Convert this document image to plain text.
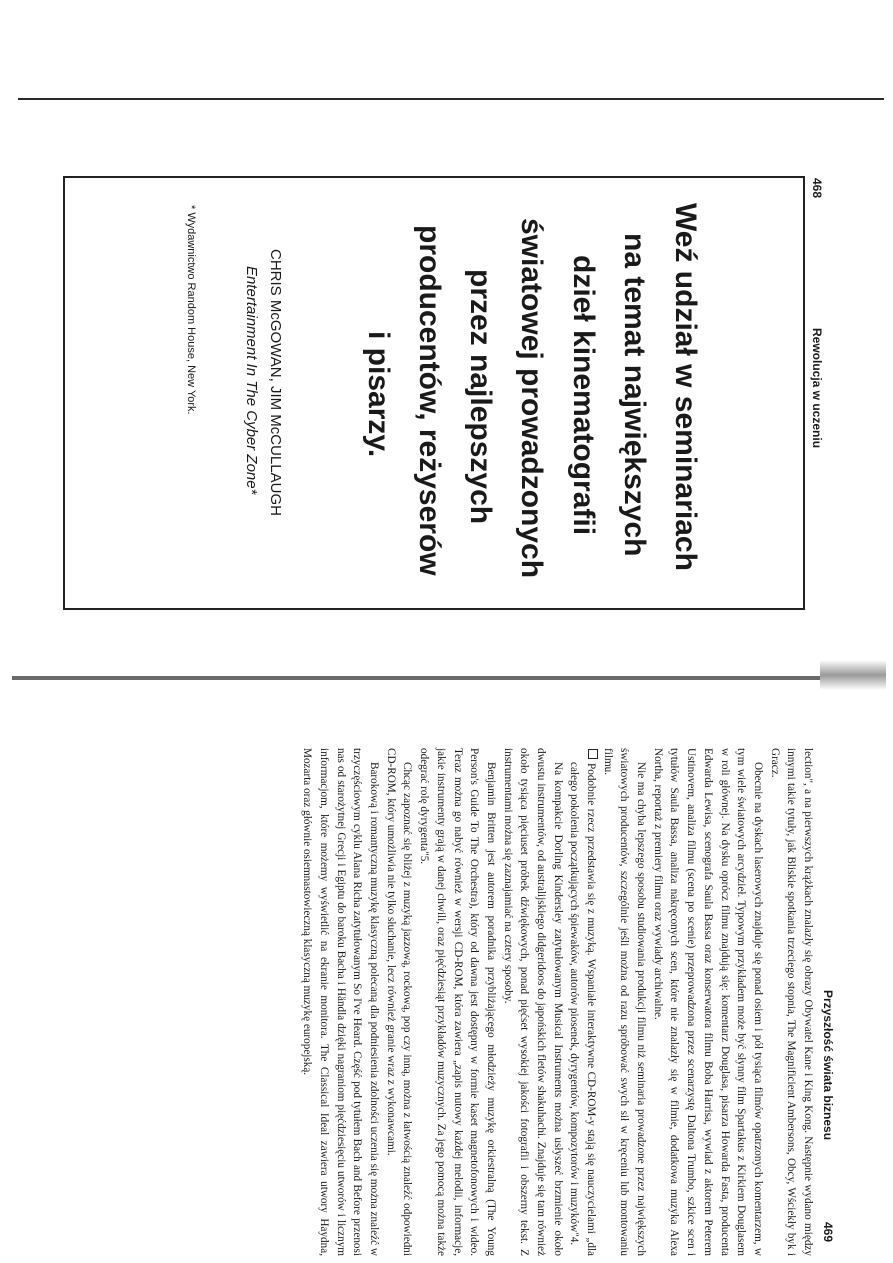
468
Rewolucja w uczeniu
Weź udział w seminariach
na temat największych
dzieł kinematografii
światowej prowadzonych
przez najlepszych
producentów, reżyserów
i pisarzy.
CHRIS McGOWAN, JIM McCULLAUGH
Entertainment In The Cyber Zone*
* Wydawnictwo Random House, New York.
Przyszłość świata biznesu
469

lection", a na pierwszych krążkach znalazły się obrazy Obywatel Kane i King Kong. Następnie wydano między innymi takie tytuły, jak Bliskie spotkania trzeciego stopnia, The Magnificient Ambersons, Obcy, Wściekły byk i Gracz.

Obecnie na dyskach laserowych znajduje się ponad osiem i pół tysiąca filmów opatrzonych komentarzem, w tym wiele światowych arcydzieł. Typowym przykładem może być słynny film Spartakus z Kirkiem Douglasem w roli głównej. Na dysku oprócz filmu znajdują się: komentarz Douglasa, pisarza Howarda Fasta, producenta Edwarda Lewisa, scenografa Saula Bassa oraz konserwatora filmu Boba Harrisa, wywiad z aktorem Peterem Ustinovem, analiza filmu (scena po scenie) przeprowadzona przez scenarzystę Daltona Trumbo, szkice scen i tytułów Saula Bassa, analiza nakręconych scen, które nie znalazły się w filmie, dodatkowa muzyka Alexa Northa, reportaż z premiery filmu oraz wywiady archiwalne.

Nie ma chyba lepszego sposobu studiowania produkcji filmu niż seminaria prowadzone przez największych światowych producentów, szczególnie jeśli można od razu spróbować swych sił w kręceniu lub montowaniu filmu.

Podobnie rzecz przedstawia się z muzyką. Wspaniałe interaktywne CD-ROM-y stają się nauczycielami „dla całego pokolenia początkujących śpiewaków, autorów piosenek, dyrygentów, kompozytorów i muzyków"4.

Na kompakcie Dorling Kindersley zatytułowanym Musical Instruments można usłyszeć brzmienie około dwustu instrumentów, od australijskiego didgeridoos do japońskich fletów shakuhachi. Znajduje się tam również około tysiąca pięciuset próbek dźwiękowych, ponad pięćset wysokiej jakości fotografii i obszerny tekst. Z instrumentami można się zaznajamiać na cztery sposoby.

Benjamin Britten jest autorem poradnika przybliżającego młodzieży muzykę orkiestralną (The Young Person's Guide To The Orchestra), który od dawna jest dostępny w formie kaset magnetofonowych i wideo. Teraz można go nabyć również w wersji CD-ROM, która zawiera „zapis nutowy każdej melodii, informacje, jakie instrumenty grają w danej chwili, oraz pięćdziesiąt przykładów muzycznych. Za jego pomocą można także odegrać rolę dyrygenta"5.

Chcąc zapoznać się bliżej z muzyką jazzową, rockową, pop czy inną, można z łatwością znaleźć odpowiedni CD-ROM, który umożliwia nie tylko słuchanie, lecz również granie wraz z wykonawcami.

Barokową i romantyczną muzykę klasyczną polecaną dla podniesienia zdolności uczenia się można znaleźć w trzyczęściowym cyklu Alana Richa zatytułowanym So I've Heard. Część pod tytułem Bach and Before przenosi nas od starożytnej Grecji i Egiptu do baroku Bacha i Händla dzięki nagraniom pięćdziesięciu utworów i licznym informacjom, które możemy wyświetlić na ekranie monitora. The Classical Ideal zawiera utwory Haydna, Mozarta oraz głównie osiemnastowieczną klasyczną muzykę europejską.
